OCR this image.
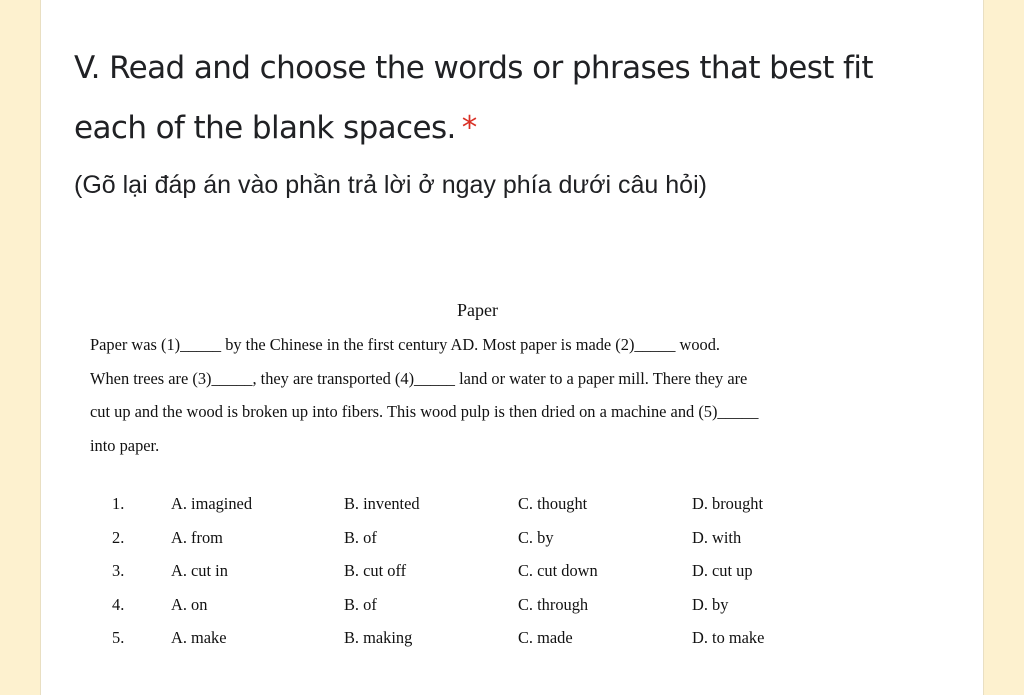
V. Read and choose the words or phrases that best fit each of the blank spaces. *
(Gõ lại đáp án vào phần trả lời ở ngay phía dưới câu hỏi)
Paper

Paper was (1)_____ by the Chinese in the first century AD. Most paper is made (2)_____ wood.

When trees are (3)_____, they are transported (4)_____ land or water to a paper mill. There they are

cut up and the wood is broken up into fibers. This wood pulp is then dried on a machine and (5)_____

into paper.

1.	A. imagined	B. invented	C. thought	D. brought
2.	A. from	B. of	C. by	D. with
3.	A. cut in	B. cut off	C. cut down	D. cut up
4.	A. on	B. of	C. through	D. by
5.	A. make	B. making	C. made	D. to make
